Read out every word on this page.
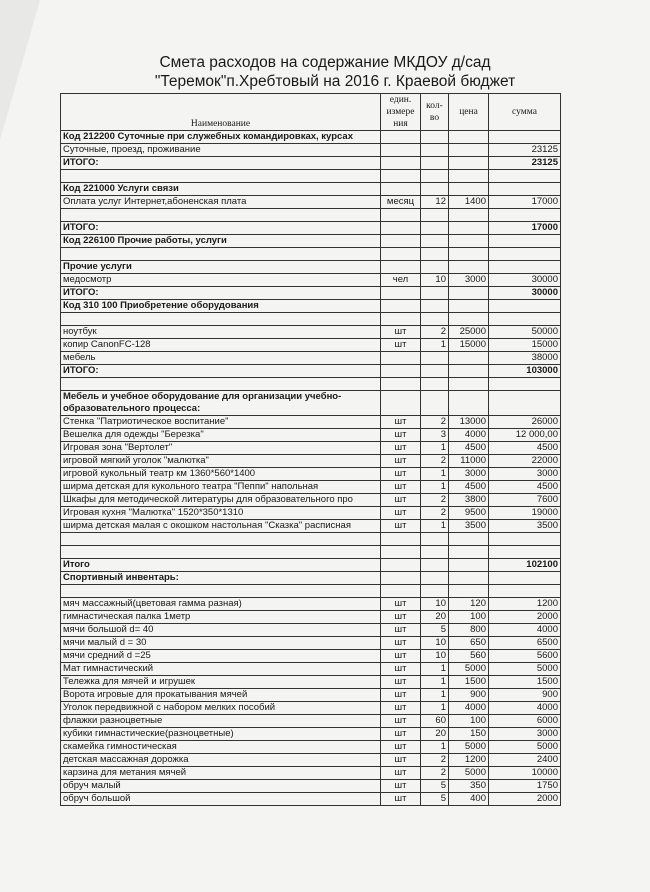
Смета расходов на содержание МКДОУ д/сад
"Теремок"п.Хребтовый на 2016 г. Краевой бюджет
Наименование	един. измере ния	кол-во	цена	сумма
Код 212200 Суточные при служебных командировках, курсах				
Суточные, проезд, проживание				23125
ИТОГО:				23125

Код 221000 Услуги связи				
Оплата услуг Интернет,абоненская плата	месяц	12	1400	17000

ИТОГО:				17000
Код 226100 Прочие работы, услуги				

Прочие услуги				
медосмотр	чел	10	3000	30000
ИТОГО:				30000
Код 310 100 Приобретение оборудования				

ноутбук	шт	2	25000	50000
копир CanonFC-128	шт	1	15000	15000
мебель				38000
ИТОГО:				103000

Мебель и учебное оборудование для организации учебно-образовательного процесса:				
Стенка "Патриотическое воспитание"	шт	2	13000	26000
Вешелка для одежды "Березка"	шт	3	4000	12 000,00
Игровая зона "Вертолет"	шт	1	4500	4500
игровой мягкий уголок "малютка"	шт	2	11000	22000
игровой кукольный театр км 1360*560*1400	шт	1	3000	3000
ширма детская для кукольного театра "Пеппи" напольная	шт	1	4500	4500
Шкафы для методической литературы для образовательного про	шт	2	3800	7600
Игровая кухня "Малютка" 1520*350*1310	шт	2	9500	19000
ширма детская малая с окошком настольная "Сказка" расписная	шт	1	3500	3500

Итого				102100
Спортивный инвентарь:				

мяч массажный(цветовая гамма разная)	шт	10	120	1200
гимнастическая палка 1метр	шт	20	100	2000
мячи большой d= 40	шт	5	800	4000
мячи малый d = 30	шт	10	650	6500
мячи средний d =25	шт	10	560	5600
Мат гимнастический	шт	1	5000	5000
Тележка для мячей и игрушек	шт	1	1500	1500
Ворота игровые для прокатывания мячей	шт	1	900	900
Уголок передвижной с набором мелких пособий	шт	1	4000	4000
флажки разноцветные	шт	60	100	6000
кубики гимнастические(разноцветные)	шт	20	150	3000
скамейка гимностическая	шт	1	5000	5000
детская массажная дорожка	шт	2	1200	2400
карзина для метания мячей	шт	2	5000	10000
обруч малый	шт	5	350	1750
обруч большой	шт	5	400	2000
